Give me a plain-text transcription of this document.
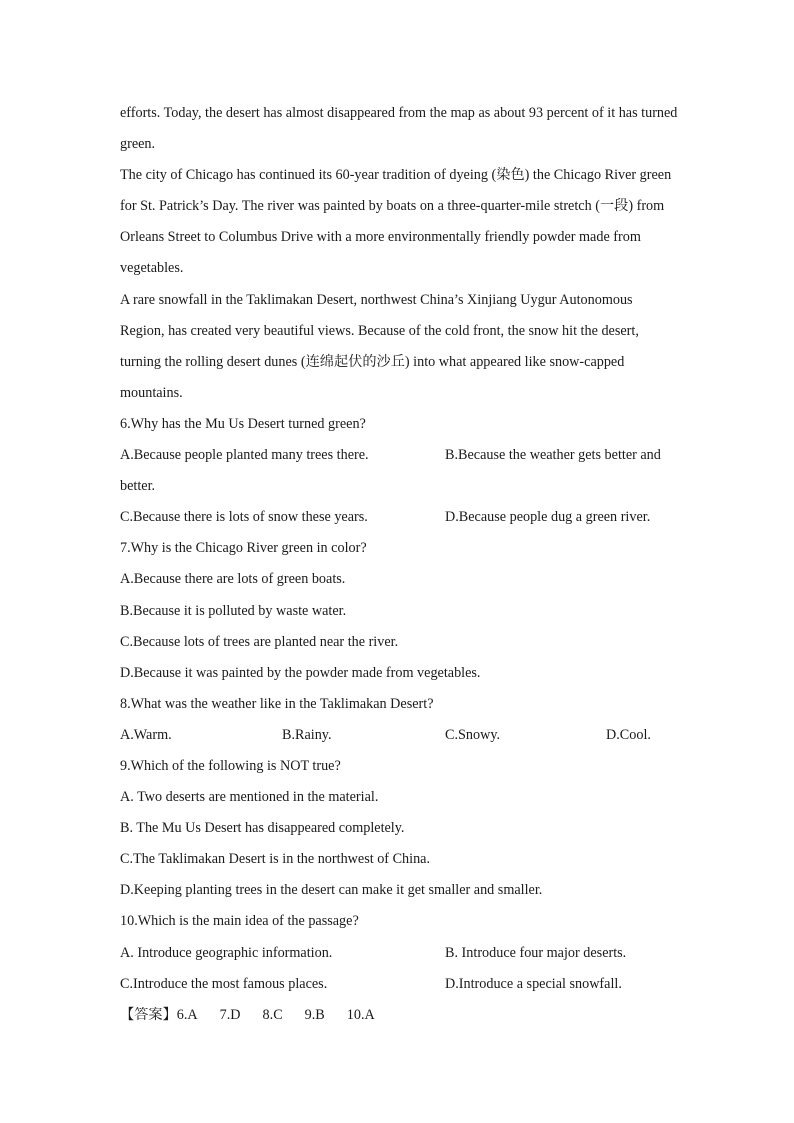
efforts. Today, the desert has almost disappeared from the map as about 93 percent of it has turned
green.
The city of Chicago has continued its 60-year tradition of dyeing (染色) the Chicago River green
for St. Patrick’s Day. The river was painted by boats on a three-quarter-mile stretch (一段) from
Orleans Street to Columbus Drive with a more environmentally friendly powder made from
vegetables.
A rare snowfall in the Taklimakan Desert, northwest China’s Xinjiang Uygur Autonomous
Region, has created very beautiful views. Because of the cold front, the snow hit the desert,
turning the rolling desert dunes (连绵起伏的沙丘) into what appeared like snow-capped
mountains.
6.Why has the Mu Us Desert turned green?
A.Because people planted many trees there.	B.Because the weather gets better and
better.
C.Because there is lots of snow these years.	D.Because people dug a green river.
7.Why is the Chicago River green in color?
A.Because there are lots of green boats.
B.Because it is polluted by waste water.
C.Because lots of trees are planted near the river.
D.Because it was painted by the powder made from vegetables.
8.What was the weather like in the Taklimakan Desert?
A.Warm.	B.Rainy.	C.Snowy.	D.Cool.
9.Which of the following is NOT true?
A. Two deserts are mentioned in the material.
B. The Mu Us Desert has disappeared completely.
C.The Taklimakan Desert is in the northwest of China.
D.Keeping planting trees in the desert can make it get smaller and smaller.
10.Which is the main idea of the passage?
A. Introduce geographic information.	B. Introduce four major deserts.
C.Introduce the most famous places.	D.Introduce a special snowfall.
【答案】6.A 7.D 8.C 9.B 10.A
